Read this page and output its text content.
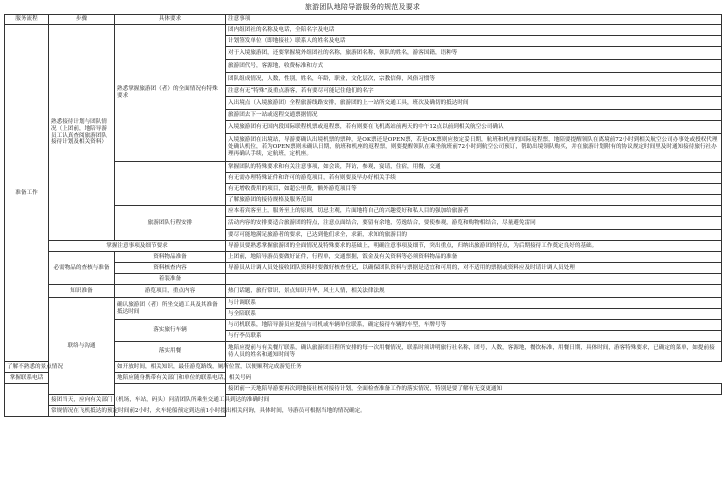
旅游团队地陪导游服务的规范及要求
服务流程	步骤	具体要求	注意事项
准备工作	熟悉接待计划与团队情况（上团前，地陪导游员工认真查阅旅游团队接待计划及相关资料）	熟悉掌握旅游团（者）的全面情况有特殊要求	团内组团社的名称及电话，全陪名字及电话
			计划签发单位（即地接社）联系人的姓名及电话
			对于入境旅游团，还要掌握境外组团社的名称，旅游团名称，领队的姓名，游客国籍，语种等
			旅游团代号，客源地，收费标准和方式
			团队组成情况，人数，性别，姓名，年龄，职业，文化层次，宗教信仰，风俗习惯等
			注意有无“特殊”及重点游客，若有要尽可能记住他们的名字
			入出境点（入境旅游团）全程旅游线路安排，旅游团的上一站所交通工具，班次及确切的抵达时间
			旅游团去下一站或返程交通票据情况
			入境旅游团有无国内段国际联程机票或返程票，若有则要在飞机离站前两天的中午12点以前到相关航空公司确认
			入境旅游团在出境站，导游要确认出境机票的票种，是OK票还是OPEN票，若是OK票则应按定妥日期，航班和机座的国际返程票，地陪要提醒领队在离境前72小时到相关航空公司办事处或授权代理处确认机位，若为OPEN票则未确认日期，航班和机座的返程票，则要提醒领队在乘坐航班前72小时到航空公司预订，帮助出境领队购买，并在旅游计划附有的协议规定时间里及时通知接待旅行社办理再确认手续，定航班，定机座。
			掌握团队的特殊要求和有关注意事项，如会谈，拜访，参观，宴请，住宿，用餐，交通
			有无需办理特殊证件和许可的游览项目，若有则要及早办好相关手续
			有无增收费用的项目，如超公里费，额外游览项目等
			了解旅游团的接待规格及服务范围
		旅游团队行程安排	应本着宾客至上，服务至上的原则，切忌主观，片面地将自己的兴趣爱好和私人目的强加给旅游者
			活动内容的安排要适合旅游团的特点，注意点面结合，要留有余地，劳逸结合，要使参观，游览和购物相结合，尽量避免雷同
			要尽可能地满足旅游者的要求，已达到他们求全，求新，求知的旅游目的
	掌握注意事项及细节要求		导游员要熟悉掌握旅游团的全面情况及特殊要求的基础上，明确注意事项及细节，突出重点，归纳出旅游团的特点，为后期接待工作奠定良好的基础。
	必需物品的查核与准备	资料物品准备	上团前，地陪导游员要做好证件，行程单，交通票据，饭金及有关资料等必须资料物品的准备
		资料核查内容	导游员从计调人员处接收团队资料时要做好核查登记，以确保团队资料与票据是适宜和可用的，对不适用的票据或资料应及时请计调人员处理
		着装准备	
	知识准备	游览项目，重点内容	热门话题，旅行常识，景点知识升华，风土人情，相关法律法规
	联络与沟通	确认旅游团（者）所坐交通工具及其准备抵达时间	与计调联系
			与全陪联系
		落实旅行车辆	与司机联系，地陪导游员应提前与司机或车辆单位联系，确定接待车辆的车型，车牌号等
			与行李员联系
		落实用餐	地陪应提前与有关餐厅联系，确认旅游团日程所安排的每一次用餐情况，联系时须讲明旅行社名称，团号，人数，客源地，餐饮标准，用餐日期，具体时间，游客特殊要求，已确定的菜单，如提前接待人员的姓名和通知时间等
了解不熟悉的景点情况		如开放时间，相关知识，最佳游览路线，厕所位置，以便顺利完成游览任务	
掌握联系电话		地陪应随身携带有关部门和单位的联系电话，相关号码	
			接团前一天地陪导游要再次到地接社核对接待计划，全面检查准备工作的落实情况，特别是要了解有无变更通知
	接团当天，应向有关部门（机场，车站，码头）问清团队所乘坐交通工具到达的准确时间		
	常规情况在飞机抵达的预定时间前2小时，火车轮船预定到达前1小时提出相关问询，具体时间，导游员可根据当地的情况确定。		
